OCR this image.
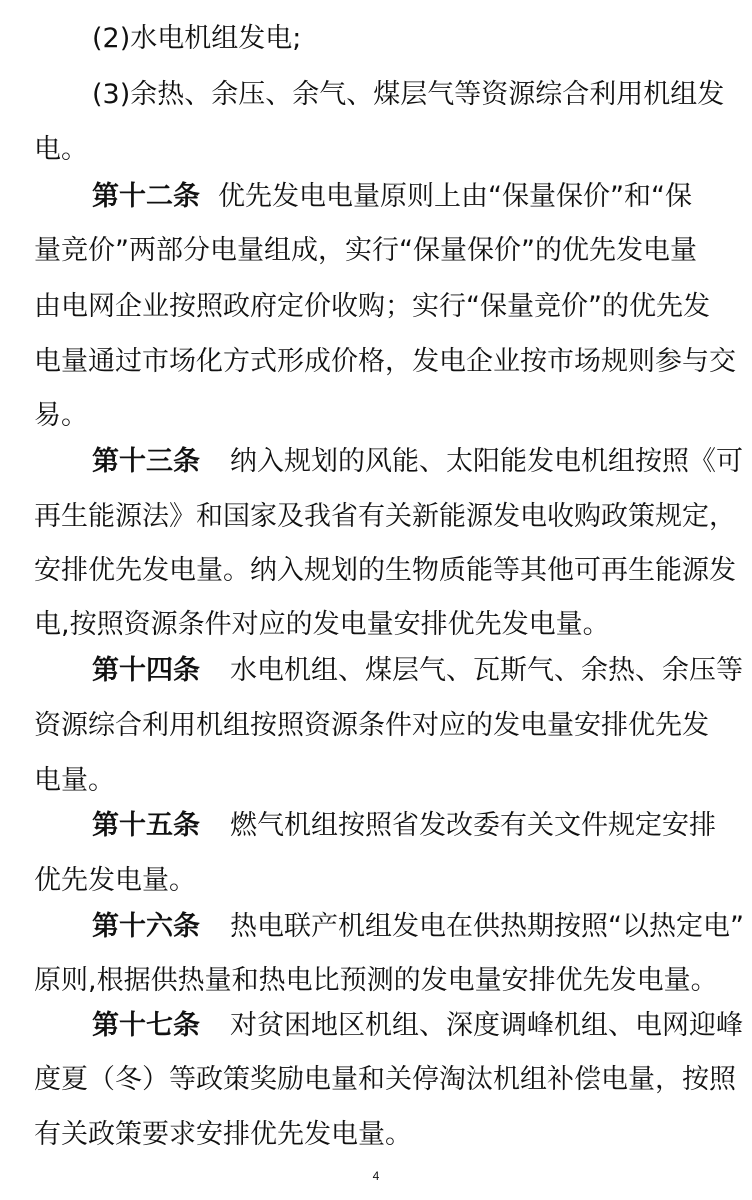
(2)水电机组发电;
(3)余热、余压、余气、煤层气等资源综合利用机组发
电。
第十二条 优先发电电量原则上由“保量保价”和“保
量竞价”两部分电量组成，实行“保量保价”的优先发电量
由电网企业按照政府定价收购；实行“保量竞价”的优先发
电量通过市场化方式形成价格，发电企业按市场规则参与交
易。
第十三条 纳入规划的风能、太阳能发电机组按照《可
再生能源法》和国家及我省有关新能源发电收购政策规定，
安排优先发电量。纳入规划的生物质能等其他可再生能源发
电,按照资源条件对应的发电量安排优先发电量。
第十四条 水电机组、煤层气、瓦斯气、余热、余压等
资源综合利用机组按照资源条件对应的发电量安排优先发
电量。
第十五条 燃气机组按照省发改委有关文件规定安排
优先发电量。
第十六条 热电联产机组发电在供热期按照“以热定电”
原则,根据供热量和热电比预测的发电量安排优先发电量。
第十七条 对贫困地区机组、深度调峰机组、电网迎峰
度夏（冬）等政策奖励电量和关停淘汰机组补偿电量，按照
有关政策要求安排优先发电量。
4
